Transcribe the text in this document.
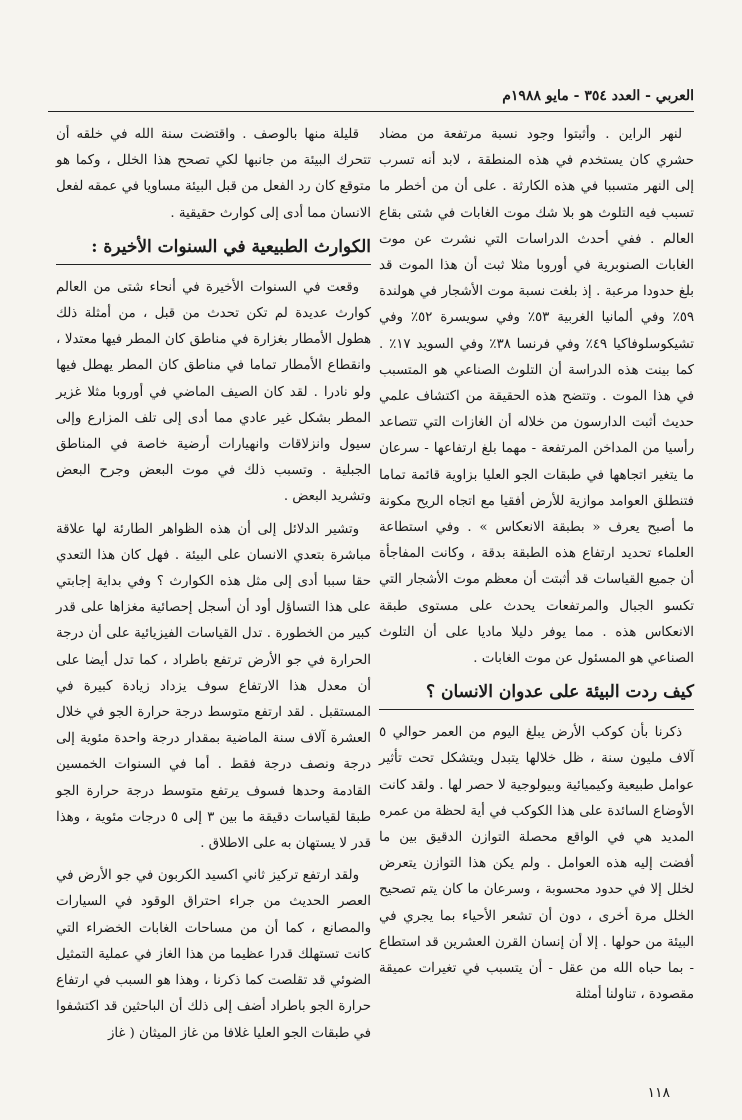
العربي - العدد ٣٥٤ - مايو ١٩٨٨م

لنهر الراين . وأثبتوا وجود نسبة مرتفعة من مضاد حشري كان يستخدم في هذه المنطقة ، لابد أنه تسرب إلى النهر متسببا في هذه الكارثة . على أن من أخطر ما تسبب فيه التلوث هو بلا شك موت الغابات في شتى بقاع العالم . ففي أحدث الدراسات التي نشرت عن موت الغابات الصنوبرية في أوروبا مثلا ثبت أن هذا الموت قد بلغ حدودا مرعبة . إذ بلغت نسبة موت الأشجار في هولندة ٥٩٪ وفي ألمانيا الغربية ٥٣٪ وفي سويسرة ٥٢٪ وفي تشيكوسلوفاكيا ٤٩٪ وفي فرنسا ٣٨٪ وفي السويد ١٧٪ . كما بينت هذه الدراسة أن التلوث الصناعي هو المتسبب في هذا الموت . وتتضح هذه الحقيقة من اكتشاف علمي حديث أثبت الدارسون من خلاله أن الغازات التي تتصاعد رأسيا من المداخن المرتفعة - مهما بلغ ارتفاعها - سرعان ما يتغير اتجاهها في طبقات الجو العليا بزاوية قائمة تماما فتنطلق العوامد موازية للأرض أفقيا مع اتجاه الريح مكونة ما أصبح يعرف « بطبقة الانعكاس » . وفي استطاعة العلماء تحديد ارتفاع هذه الطبقة بدقة ، وكانت المفاجأة أن جميع القياسات قد أثبتت أن معظم موت الأشجار التي تكسو الجبال والمرتفعات يحدث على مستوى طبقة الانعكاس هذه . مما يوفر دليلا ماديا على أن التلوث الصناعي هو المسئول عن موت الغابات .

كيف ردت البيئة على عدوان الانسان ؟

ذكرنا بأن كوكب الأرض يبلغ اليوم من العمر حوالي ٥ آلاف مليون سنة ، ظل خلالها يتبدل ويتشكل تحت تأثير عوامل طبيعية وكيميائية وبيولوجية لا حصر لها . ولقد كانت الأوضاع السائدة على هذا الكوكب في أية لحظة من عمره المديد هي في الواقع محصلة التوازن الدقيق بين ما أفضت إليه هذه العوامل . ولم يكن هذا التوازن يتعرض لخلل إلا في حدود محسوبة ، وسرعان ما كان يتم تصحيح الخلل مرة أخرى ، دون أن تشعر الأحياء بما يجري في البيئة من حولها . إلا أن إنسان القرن العشرين قد استطاع - بما حباه الله من عقل - أن يتسبب في تغيرات عميقة مقصودة ، تناولنا أمثلة

قليلة منها بالوصف . واقتضت سنة الله في خلقه أن تتحرك البيئة من جانبها لكي تصحح هذا الخلل ، وكما هو متوقع كان رد الفعل من قبل البيئة مساويا في عمقه لفعل الانسان مما أدى إلى كوارث حقيقية .

الكوارث الطبيعية في السنوات الأخيرة :

وقعت في السنوات الأخيرة في أنحاء شتى من العالم كوارث عديدة لم تكن تحدث من قبل ، من أمثلة ذلك هطول الأمطار بغزارة في مناطق كان المطر فيها معتدلا ، وانقطاع الأمطار تماما في مناطق كان المطر يهطل فيها ولو نادرا . لقد كان الصيف الماضي في أوروبا مثلا غزير المطر بشكل غير عادي مما أدى إلى تلف المزارع وإلى سيول وانزلاقات وانهيارات أرضية خاصة في المناطق الجبلية . وتسبب ذلك في موت البعض وجرح البعض وتشريد البعض .

وتشير الدلائل إلى أن هذه الظواهر الطارئة لها علاقة مباشرة بتعدي الانسان على البيئة . فهل كان هذا التعدي حقا سببا أدى إلى مثل هذه الكوارث ؟ وفي بداية إجابتي على هذا التساؤل أود أن أسجل إحصائية مغزاها على قدر كبير من الخطورة . تدل القياسات الفيزيائية على أن درجة الحرارة في جو الأرض ترتفع باطراد ، كما تدل أيضا على أن معدل هذا الارتفاع سوف يزداد زيادة كبيرة في المستقبل . لقد ارتفع متوسط درجة حرارة الجو في خلال العشرة آلاف سنة الماضية بمقدار درجة واحدة مئوية إلى درجة ونصف درجة فقط . أما في السنوات الخمسين القادمة وحدها فسوف يرتفع متوسط درجة حرارة الجو طبقا لقياسات دقيقة ما بين ٣ إلى ٥ درجات مئوية ، وهذا قدر لا يستهان به على الاطلاق .

ولقد ارتفع تركيز ثاني اكسيد الكربون في جو الأرض في العصر الحديث من جراء احتراق الوقود في السيارات والمصانع ، كما أن من مساحات الغابات الخضراء التي كانت تستهلك قدرا عظيما من هذا الغاز في عملية التمثيل الضوئي قد تقلصت كما ذكرنا ، وهذا هو السبب في ارتفاع حرارة الجو باطراد أضف إلى ذلك أن الباحثين قد اكتشفوا في طبقات الجو العليا غلافا من غاز الميثان ( غاز

١١٨
